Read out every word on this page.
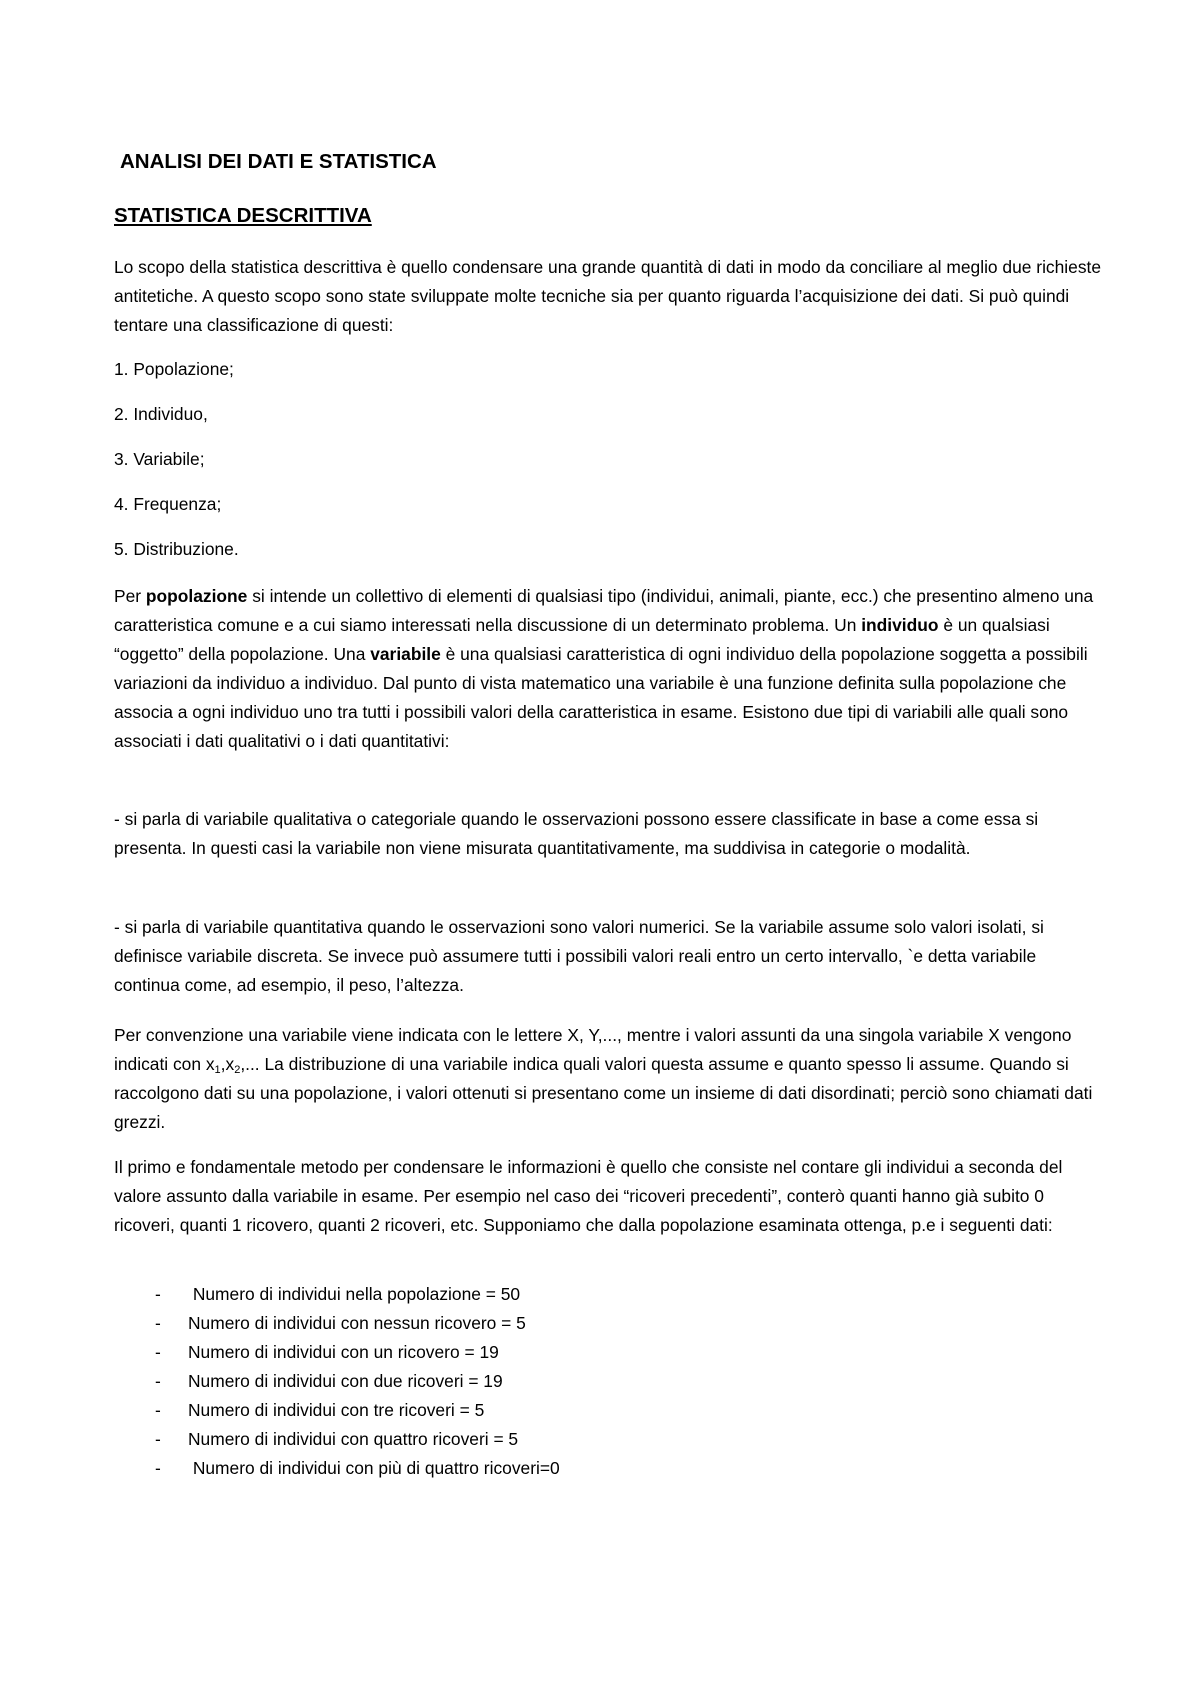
ANALISI DEI DATI E STATISTICA
STATISTICA DESCRITTIVA

Lo scopo della statistica descrittiva è quello condensare una grande quantità di dati in modo da conciliare al meglio due richieste antitetiche. A questo scopo sono state sviluppate molte tecniche sia per quanto riguarda l’acquisizione dei dati. Si può quindi tentare una classificazione di questi:

1. Popolazione;

2. Individuo,

3. Variabile;

4. Frequenza;

5. Distribuzione.

Per popolazione si intende un collettivo di elementi di qualsiasi tipo (individui, animali, piante, ecc.) che presentino almeno una caratteristica comune e a cui siamo interessati nella discussione di un determinato problema. Un individuo è un qualsiasi “oggetto” della popolazione. Una variabile è una qualsiasi caratteristica di ogni individuo della popolazione soggetta a possibili variazioni da individuo a individuo. Dal punto di vista matematico una variabile è una funzione definita sulla popolazione che associa a ogni individuo uno tra tutti i possibili valori della caratteristica in esame. Esistono due tipi di variabili alle quali sono associati i dati qualitativi o i dati quantitativi:

- si parla di variabile qualitativa o categoriale quando le osservazioni possono essere classificate in base a come essa si presenta. In questi casi la variabile non viene misurata quantitativamente, ma suddivisa in categorie o modalità.

- si parla di variabile quantitativa quando le osservazioni sono valori numerici. Se la variabile assume solo valori isolati, si definisce variabile discreta. Se invece può assumere tutti i possibili valori reali entro un certo intervallo, `e detta variabile continua come, ad esempio, il peso, l’altezza.

Per convenzione una variabile viene indicata con le lettere X, Y,..., mentre i valori assunti da una singola variabile X vengono indicati con $x_1,x_2$,... La distribuzione di una variabile indica quali valori questa assume e quanto spesso li assume. Quando si raccolgono dati su una popolazione, i valori ottenuti si presentano come un insieme di dati disordinati; perciò sono chiamati dati grezzi.

Il primo e fondamentale metodo per condensare le informazioni è quello che consiste nel contare gli individui a seconda del valore assunto dalla variabile in esame. Per esempio nel caso dei “ricoveri precedenti”, conterò quanti hanno già subito 0 ricoveri, quanti 1 ricovero, quanti 2 ricoveri, etc. Supponiamo che dalla popolazione esaminata ottenga, p.e i seguenti dati:

-	Numero di individui nella popolazione = 50
-	Numero di individui con nessun ricovero = 5
-	Numero di individui con un ricovero = 19
-	Numero di individui con due ricoveri = 19
-	Numero di individui con tre ricoveri = 5
-	Numero di individui con quattro ricoveri = 5
-	Numero di individui con più di quattro ricoveri=0
